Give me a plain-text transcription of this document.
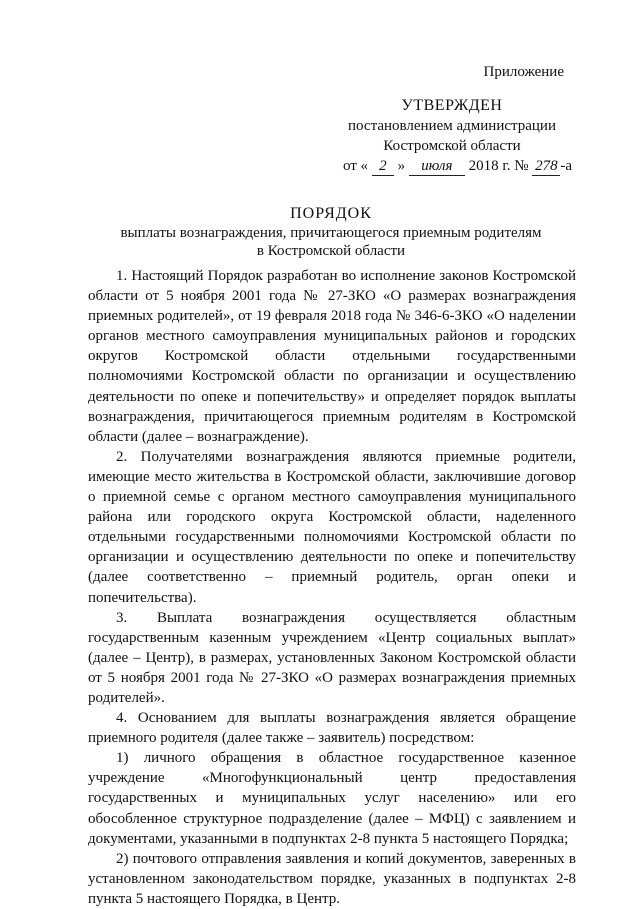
Приложение
УТВЕРЖДЕН
постановлением администрации
Костромской области
от « 2 » июля 2018 г. № 278 -а
ПОРЯДОК
выплаты вознаграждения, причитающегося приемным родителям
в Костромской области

1. Настоящий Порядок разработан во исполнение законов Костромской области от 5 ноября 2001 года № 27-ЗКО «О размерах вознаграждения приемных родителей», от 19 февраля 2018 года № 346-6-ЗКО «О наделении органов местного самоуправления муниципальных районов и городских округов Костромской области отдельными государственными полномочиями Костромской области по организации и осуществлению деятельности по опеке и попечительству» и определяет порядок выплаты вознаграждения, причитающегося приемным родителям в Костромской области (далее – вознаграждение).

2. Получателями вознаграждения являются приемные родители, имеющие место жительства в Костромской области, заключившие договор о приемной семье с органом местного самоуправления муниципального района или городского округа Костромской области, наделенного отдельными государственными полномочиями Костромской области по организации и осуществлению деятельности по опеке и попечительству (далее соответственно – приемный родитель, орган опеки и попечительства).

3. Выплата вознаграждения осуществляется областным государственным казенным учреждением «Центр социальных выплат» (далее – Центр), в размерах, установленных Законом Костромской области от 5 ноября 2001 года № 27-ЗКО «О размерах вознаграждения приемных родителей».

4. Основанием для выплаты вознаграждения является обращение приемного родителя (далее также – заявитель) посредством:

1) личного обращения в областное государственное казенное учреждение «Многофункциональный центр предоставления государственных и муниципальных услуг населению» или его обособленное структурное подразделение (далее – МФЦ) с заявлением и документами, указанными в подпунктах 2-8 пункта 5 настоящего Порядка;

2) почтового отправления заявления и копий документов, заверенных в установленном законодательством порядке, указанных в подпунктах 2-8 пункта 5 настоящего Порядка, в Центр.
